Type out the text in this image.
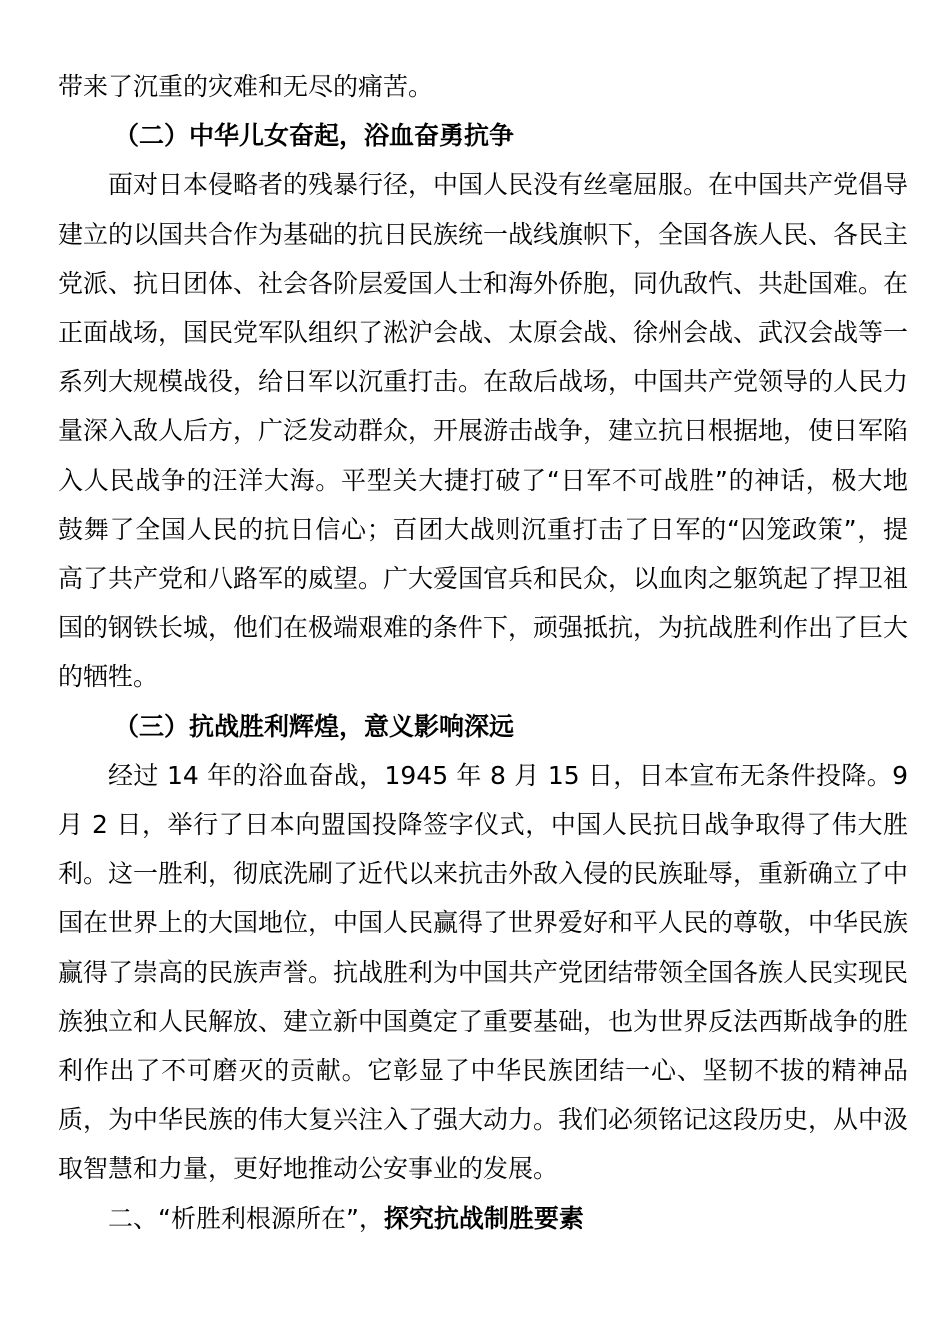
带来了沉重的灾难和无尽的痛苦。

（二）中华儿女奋起，浴血奋勇抗争

面对日本侵略者的残暴行径，中国人民没有丝毫屈服。在中国共产党倡导建立的以国共合作为基础的抗日民族统一战线旗帜下，全国各族人民、各民主党派、抗日团体、社会各阶层爱国人士和海外侨胞，同仇敌忾、共赴国难。在正面战场，国民党军队组织了淞沪会战、太原会战、徐州会战、武汉会战等一系列大规模战役，给日军以沉重打击。在敌后战场，中国共产党领导的人民力量深入敌人后方，广泛发动群众，开展游击战争，建立抗日根据地，使日军陷入人民战争的汪洋大海。平型关大捷打破了“日军不可战胜”的神话，极大地鼓舞了全国人民的抗日信心；百团大战则沉重打击了日军的“囚笼政策”，提高了共产党和八路军的威望。广大爱国官兵和民众，以血肉之躯筑起了捍卫祖国的钢铁长城，他们在极端艰难的条件下，顽强抵抗，为抗战胜利作出了巨大的牺牲。

（三）抗战胜利辉煌，意义影响深远

经过 14 年的浴血奋战，1945 年 8 月 15 日，日本宣布无条件投降。9 月 2 日，举行了日本向盟国投降签字仪式，中国人民抗日战争取得了伟大胜利。这一胜利，彻底洗刷了近代以来抗击外敌入侵的民族耻辱，重新确立了中国在世界上的大国地位，中国人民赢得了世界爱好和平人民的尊敬，中华民族赢得了崇高的民族声誉。抗战胜利为中国共产党团结带领全国各族人民实现民族独立和人民解放、建立新中国奠定了重要基础，也为世界反法西斯战争的胜利作出了不可磨灭的贡献。它彰显了中华民族团结一心、坚韧不拔的精神品质，为中华民族的伟大复兴注入了强大动力。我们必须铭记这段历史，从中汲取智慧和力量，更好地推动公安事业的发展。

二、“析胜利根源所在”，探究抗战制胜要素
